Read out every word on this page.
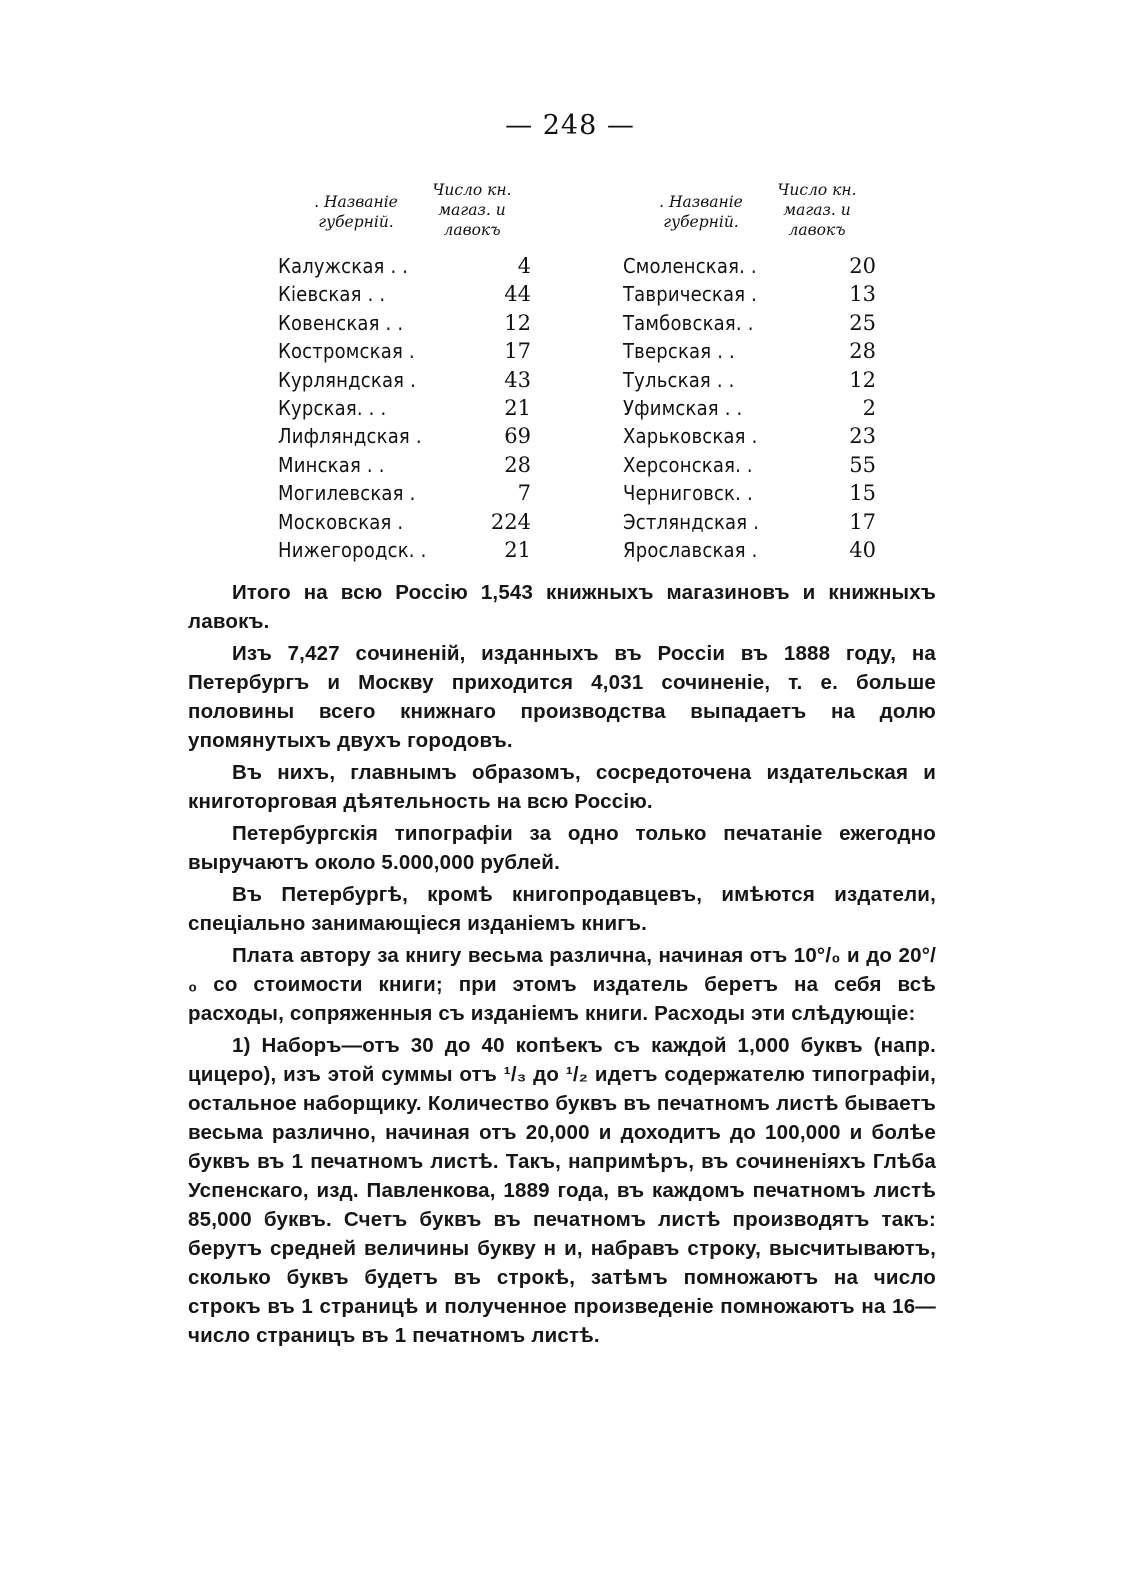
— 248 —
. Названіе губерній.
Число кн. магаз. и лавокъ
Калужская . .	4
Кіевская . .	44
Ковенская . .	12
Костромская .	17
Курляндская .	43
Курская. . .	21
Лифляндская .	69
Минская . .	28
Могилевская .	7
Московская .	224
Нижегородск. .	21
. Названіе губерній.
Число кн. магаз. и лавокъ
Смоленская. .	20
Таврическая .	13
Тамбовская. .	25
Тверская . .	28
Тульская . .	12
Уфимская . .	2
Харьковская .	23
Херсонская. .	55
Черниговск. .	15
Эстляндская .	17
Ярославская .	40

Итого на всю Россію 1,543 книжныхъ магазиновъ и книжныхъ лавокъ.

Изъ 7,427 сочиненій, изданныхъ въ Россіи въ 1888 году, на Петербургъ и Москву приходится 4,031 сочиненіе, т. е. больше половины всего книжнаго производства выпадаетъ на долю упомянутыхъ двухъ городовъ.

Въ нихъ, главнымъ образомъ, сосредоточена издательская и книготорговая дѣятельность на всю Россію.

Петербургскія типографіи за одно только печатаніе ежегодно выручаютъ около 5.000,000 рублей.

Въ Петербургѣ, кромѣ книгопродавцевъ, имѣются издатели, спеціально занимающіеся изданіемъ книгъ.

Плата автору за книгу весьма различна, начиная отъ 10°/₀ и до 20°/₀ со стоимости книги; при этомъ издатель беретъ на себя всѣ расходы, сопряженныя съ изданіемъ книги. Расходы эти слѣдующіе:

1) Наборъ—отъ 30 до 40 копѣекъ съ каждой 1,000 буквъ (напр. цицеро), изъ этой суммы отъ ¹/₃ до ¹/₂ идетъ содержателю типографіи, остальное наборщику. Количество буквъ въ печатномъ листѣ бываетъ весьма различно, начиная отъ 20,000 и доходитъ до 100,000 и болѣе буквъ въ 1 печатномъ листѣ. Такъ, напримѣръ, въ сочиненіяхъ Глѣба Успенскаго, изд. Павленкова, 1889 года, въ каждомъ печатномъ листѣ 85,000 буквъ. Счетъ буквъ въ печатномъ листѣ производятъ такъ: берутъ средней величины букву н и, набравъ строку, высчитываютъ, сколько буквъ будетъ въ строкѣ, затѣмъ помножаютъ на число строкъ въ 1 страницѣ и полученное произведеніе помножаютъ на 16—число страницъ въ 1 печатномъ листѣ.
